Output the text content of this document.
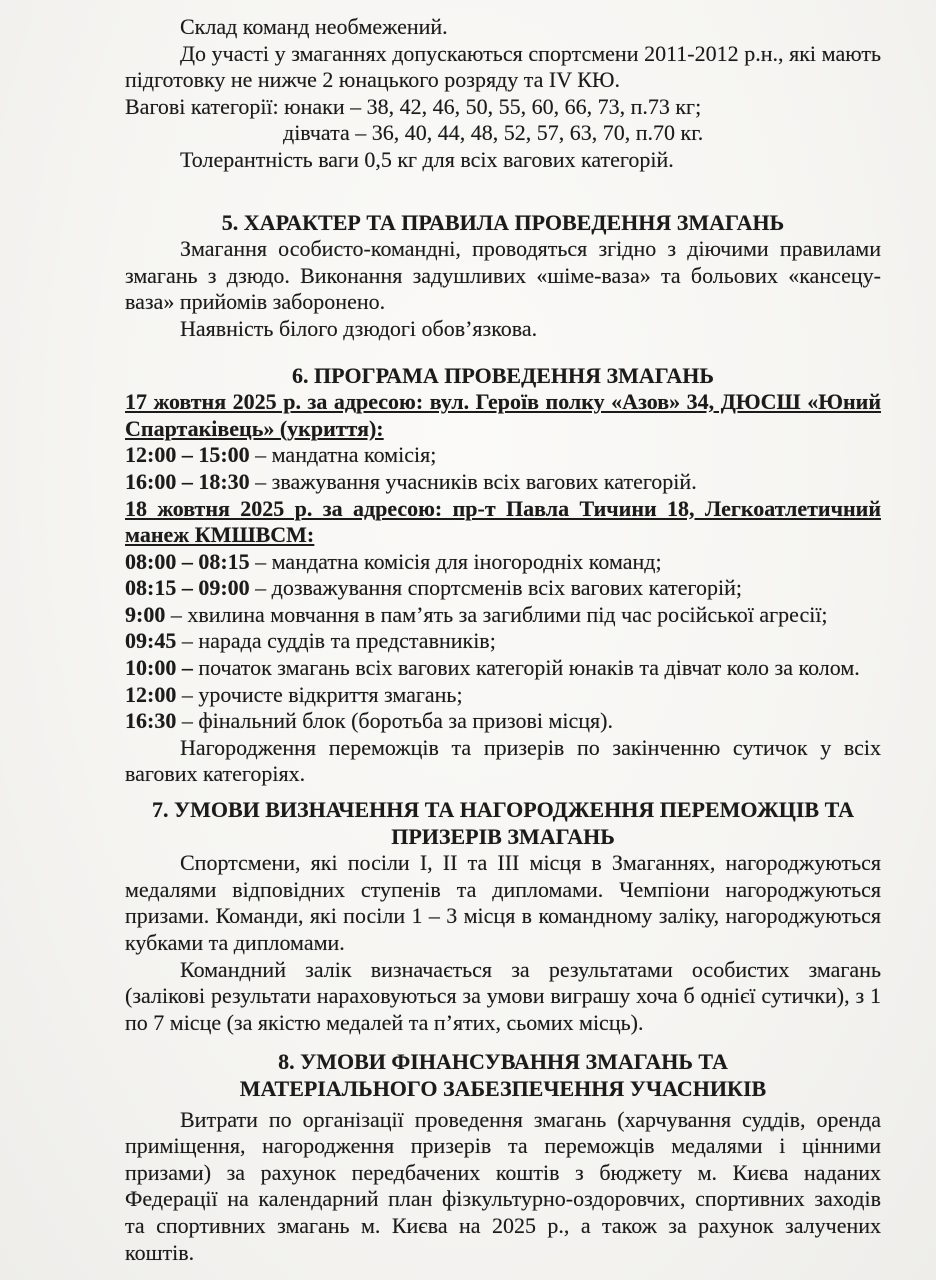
Склад команд необмежений.

До участі у змаганнях допускаються спортсмени 2011-2012 р.н., які мають підготовку не нижче 2 юнацького розряду та IV КЮ.

Вагові категорії: юнаки – 38, 42, 46, 50, 55, 60, 66, 73, п.73 кг;

дівчата – 36, 40, 44, 48, 52, 57, 63, 70, п.70 кг.

Толерантність ваги 0,5 кг для всіх вагових категорій.

5. ХАРАКТЕР ТА ПРАВИЛА ПРОВЕДЕННЯ ЗМАГАНЬ

Змагання особисто-командні, проводяться згідно з діючими правилами змагань з дзюдо. Виконання задушливих «шіме-ваза» та больових «кансецу-ваза» прийомів заборонено.

Наявність білого дзюдогі обов’язкова.

6. ПРОГРАМА ПРОВЕДЕННЯ ЗМАГАНЬ
17 жовтня 2025 р. за адресою: вул. Героїв полку «Азов» 34, ДЮСШ «Юний Спартаківець» (укриття):
12:00 – 15:00 – мандатна комісія;
16:00 – 18:30 – зважування учасників всіх вагових категорій.
18 жовтня 2025 р. за адресою: пр-т Павла Тичини 18, Легкоатлетичний манеж КМШВСМ:
08:00 – 08:15 – мандатна комісія для іногородніх команд;
08:15 – 09:00 – дозважування спортсменів всіх вагових категорій;
9:00 – хвилина мовчання в пам’ять за загиблими під час російської агресії;
09:45 – нарада суддів та представників;
10:00 – початок змагань всіх вагових категорій юнаків та дівчат коло за колом.
12:00 – урочисте відкриття змагань;
16:30 – фінальний блок (боротьба за призові місця).

Нагородження переможців та призерів по закінченню сутичок у всіх вагових категоріях.

7. УМОВИ ВИЗНАЧЕННЯ ТА НАГОРОДЖЕННЯ ПЕРЕМОЖЦІВ ТА
ПРИЗЕРІВ ЗМАГАНЬ

Спортсмени, які посіли I, II та III місця в Змаганнях, нагороджуються медалями відповідних ступенів та дипломами. Чемпіони нагороджуються призами. Команди, які посіли 1 – 3 місця в командному заліку, нагороджуються кубками та дипломами.

Командний залік визначається за результатами особистих змагань (залікові результати нараховуються за умови виграшу хоча б однієї сутички), з 1 по 7 місце (за якістю медалей та п’ятих, сьомих місць).

8. УМОВИ ФІНАНСУВАННЯ ЗМАГАНЬ ТА
МАТЕРІАЛЬНОГО ЗАБЕЗПЕЧЕННЯ УЧАСНИКІВ

Витрати по організації проведення змагань (харчування суддів, оренда приміщення, нагородження призерів та переможців медалями і цінними призами) за рахунок передбачених коштів з бюджету м. Києва наданих Федерації на календарний план фізкультурно-оздоровчих, спортивних заходів та спортивних змагань м. Києва на 2025 р., а також за рахунок залучених коштів.
